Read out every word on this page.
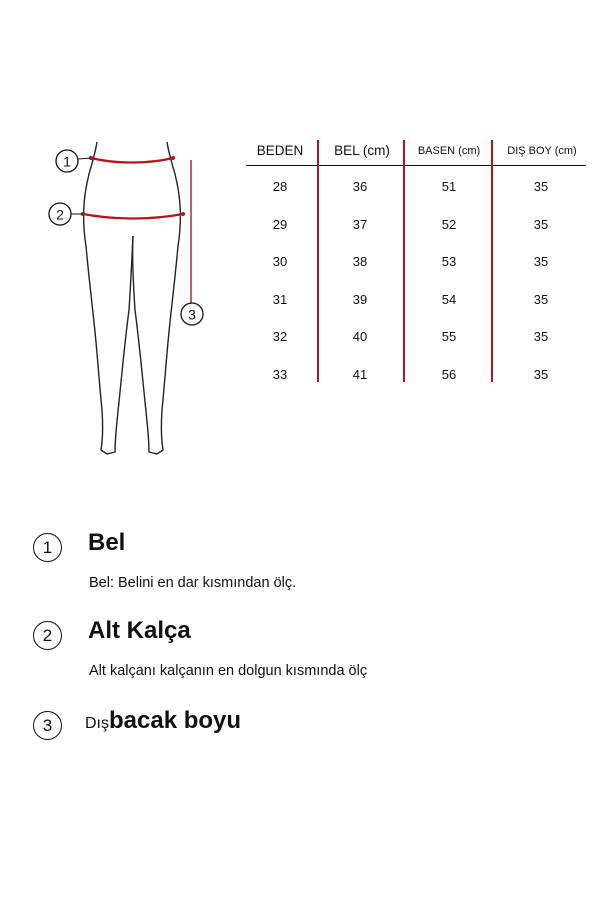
1
2
3
BEDEN	BEL (cm)	BASEN (cm)	DIŞ BOY (cm)
28	36	51	35
29	37	52	35
30	38	53	35
31	39	54	35
32	40	55	35
33	41	56	35
1	Bel
Bel: Belini en dar kısmından ölç.
2	Alt Kalça
Alt kalçanı kalçanın en dolgun kısmında ölç
3	Dışbacak boyu
